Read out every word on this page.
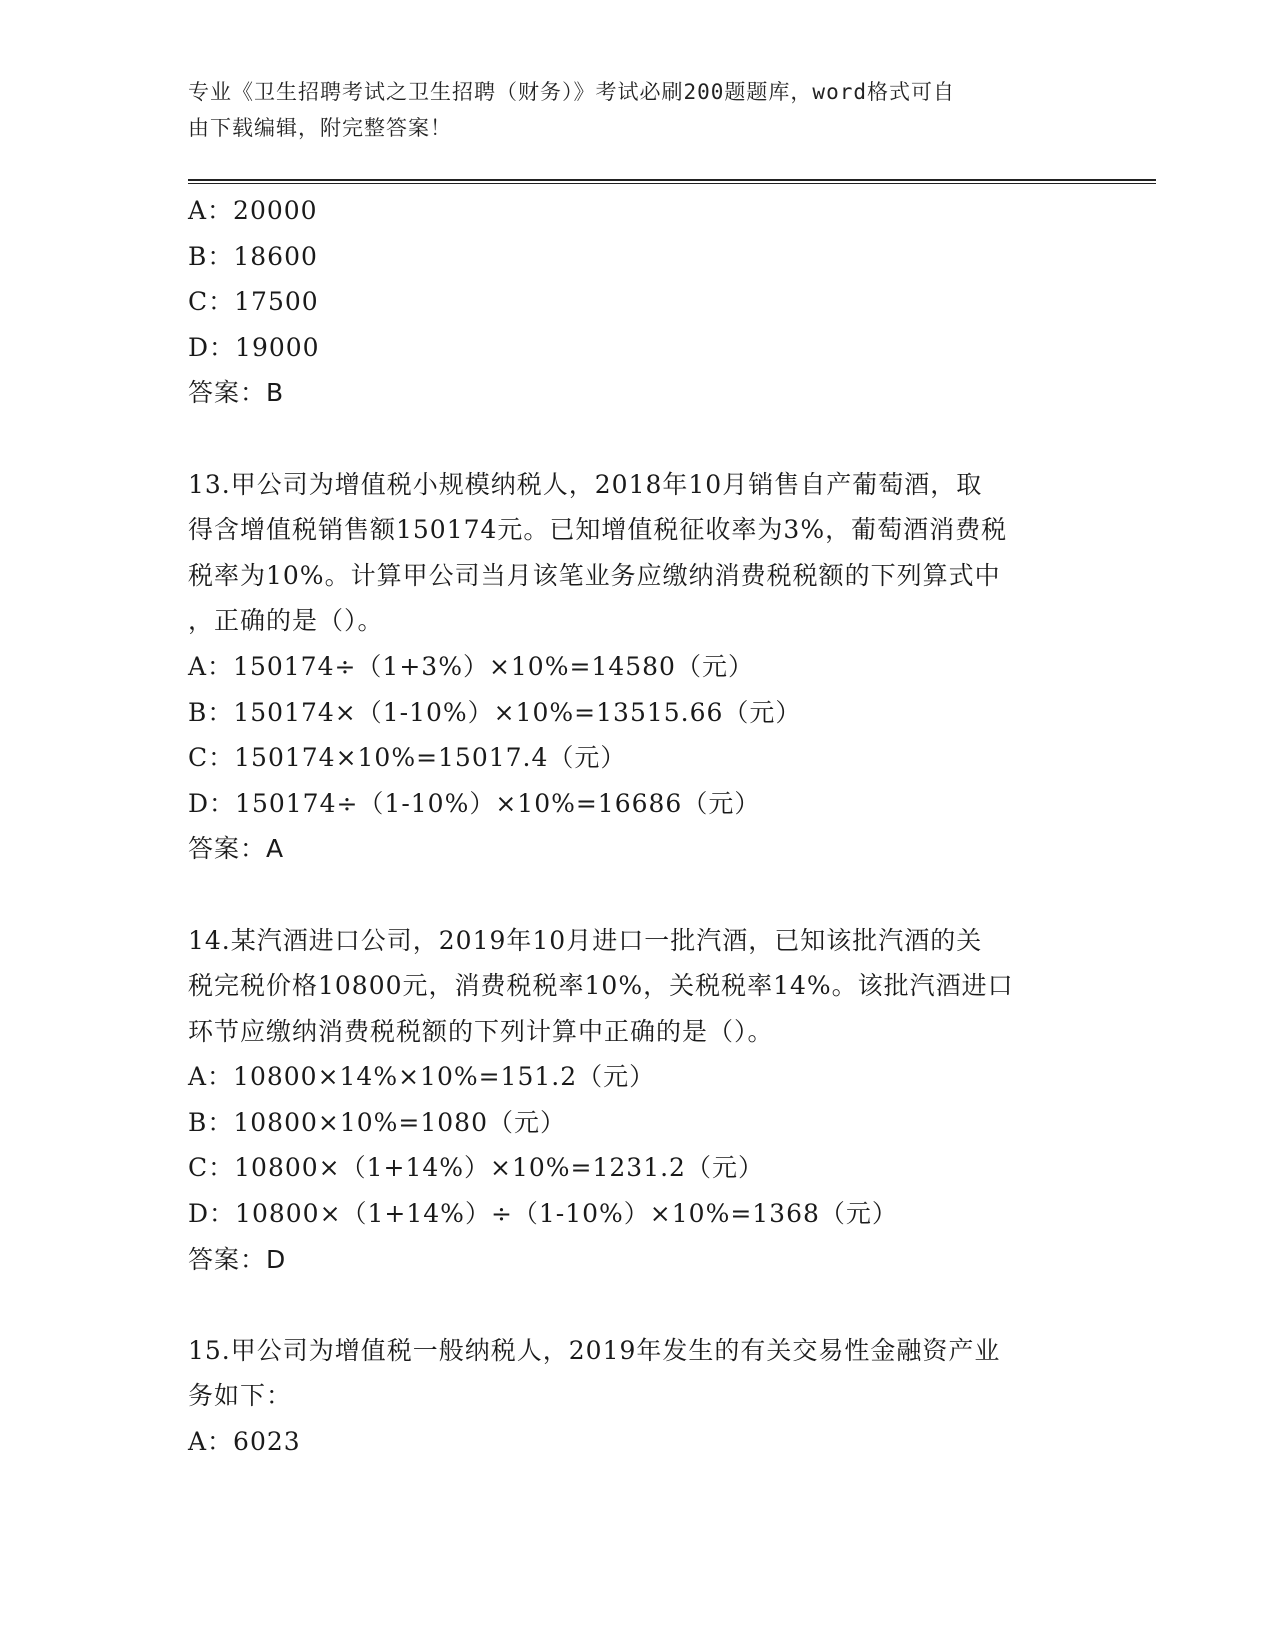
专业《卫生招聘考试之卫生招聘（财务）》考试必刷200题题库，word格式可自
由下载编辑，附完整答案！
A：20000
B：18600
C：17500
D：19000
答案：B
13.甲公司为增值税小规模纳税人，2018年10月销售自产葡萄酒，取
得含增值税销售额150174元。已知增值税征收率为3%，葡萄酒消费税
税率为10%。计算甲公司当月该笔业务应缴纳消费税税额的下列算式中
，正确的是（）。
A：150174÷（1+3%）×10%=14580（元）
B：150174×（1-10%）×10%=13515.66（元）
C：150174×10%=15017.4（元）
D：150174÷（1-10%）×10%=16686（元）
答案：A
14.某汽酒进口公司，2019年10月进口一批汽酒，已知该批汽酒的关
税完税价格10800元，消费税税率10%，关税税率14%。该批汽酒进口
环节应缴纳消费税税额的下列计算中正确的是（）。
A：10800×14%×10%=151.2（元）
B：10800×10%=1080（元）
C：10800×（1+14%）×10%=1231.2（元）
D：10800×（1+14%）÷（1-10%）×10%=1368（元）
答案：D
15.甲公司为增值税一般纳税人，2019年发生的有关交易性金融资产业
务如下：
A：6023
